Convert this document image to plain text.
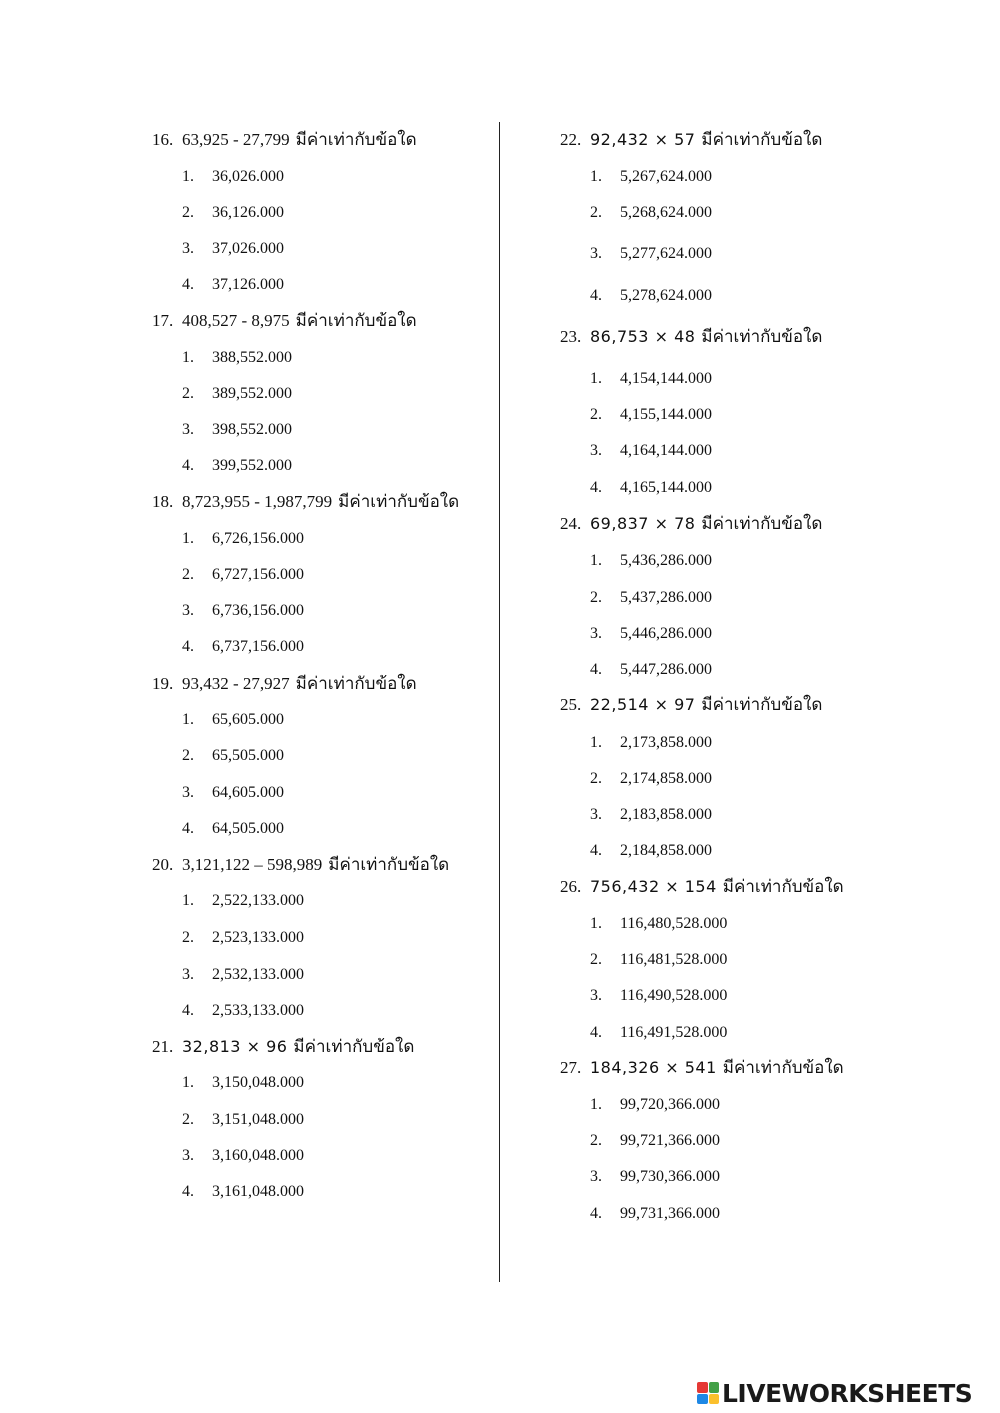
16. 63,925 - 27,799 มีค่าเท่ากับข้อใด
1. 36,026.000
2. 36,126.000
3. 37,026.000
4. 37,126.000
17. 408,527 - 8,975 มีค่าเท่ากับข้อใด
1. 388,552.000
2. 389,552.000
3. 398,552.000
4. 399,552.000
18. 8,723,955 - 1,987,799 มีค่าเท่ากับข้อใด
1. 6,726,156.000
2. 6,727,156.000
3. 6,736,156.000
4. 6,737,156.000
19. 93,432 - 27,927 มีค่าเท่ากับข้อใด
1. 65,605.000
2. 65,505.000
3. 64,605.000
4. 64,505.000
20. 3,121,122 – 598,989 มีค่าเท่ากับข้อใด
1. 2,522,133.000
2. 2,523,133.000
3. 2,532,133.000
4. 2,533,133.000
21. 32,813 × 96 มีค่าเท่ากับข้อใด
1. 3,150,048.000
2. 3,151,048.000
3. 3,160,048.000
4. 3,161,048.000
22. 92,432 × 57 มีค่าเท่ากับข้อใด
1. 5,267,624.000
2. 5,268,624.000
3. 5,277,624.000
4. 5,278,624.000
23. 86,753 × 48 มีค่าเท่ากับข้อใด
1. 4,154,144.000
2. 4,155,144.000
3. 4,164,144.000
4. 4,165,144.000
24. 69,837 × 78 มีค่าเท่ากับข้อใด
1. 5,436,286.000
2. 5,437,286.000
3. 5,446,286.000
4. 5,447,286.000
25. 22,514 × 97 มีค่าเท่ากับข้อใด
1. 2,173,858.000
2. 2,174,858.000
3. 2,183,858.000
4. 2,184,858.000
26. 756,432 × 154 มีค่าเท่ากับข้อใด
1. 116,480,528.000
2. 116,481,528.000
3. 116,490,528.000
4. 116,491,528.000
27. 184,326 × 541 มีค่าเท่ากับข้อใด
1. 99,720,366.000
2. 99,721,366.000
3. 99,730,366.000
4. 99,731,366.000
LIVEWORKSHEETS
